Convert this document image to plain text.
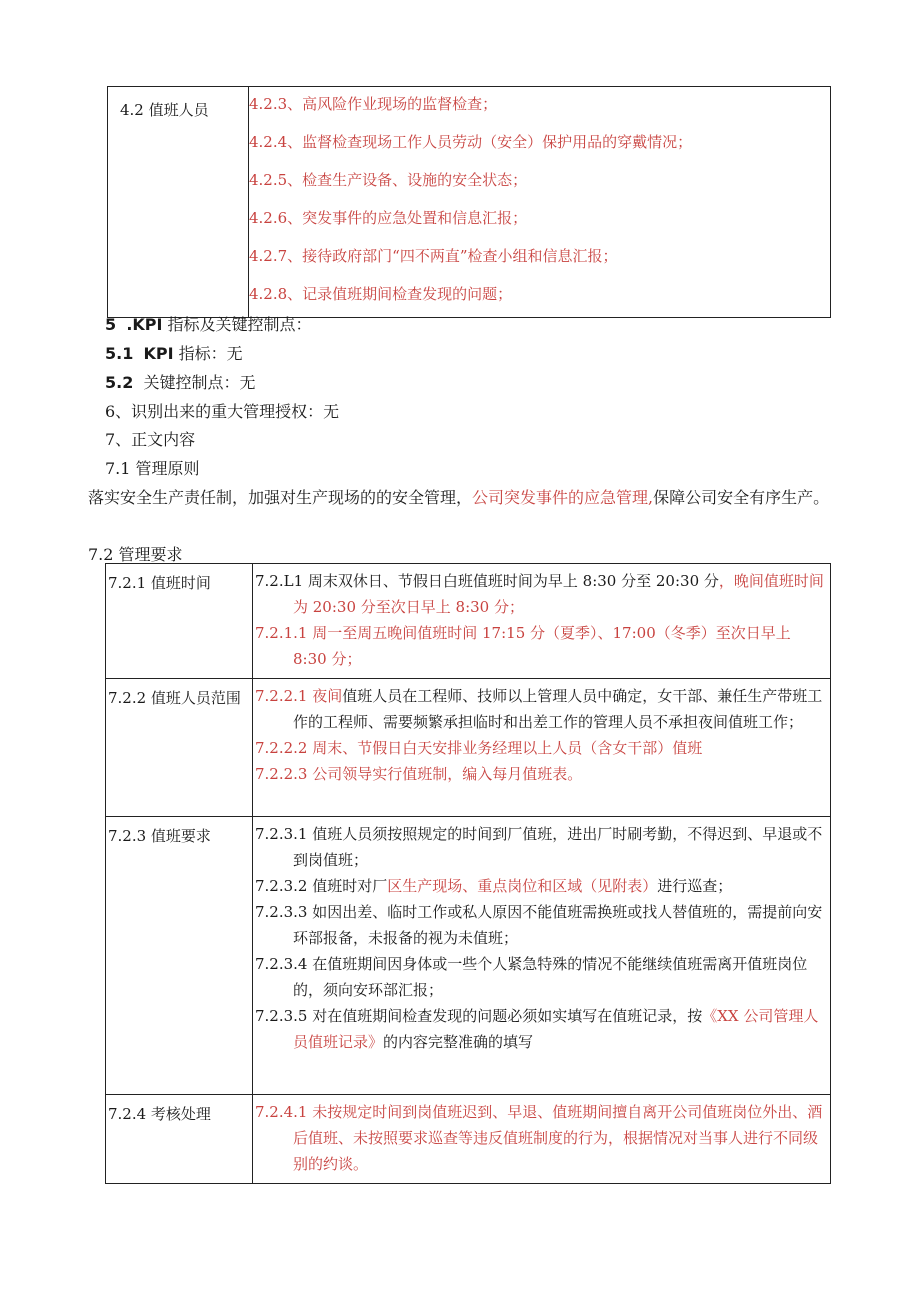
4.2 值班人员	4.2.3、高风险作业现场的监督检查；
4.2.4、监督检查现场工作人员劳动（安全）保护用品的穿戴情况；
4.2.5、检查生产设备、设施的安全状态；
4.2.6、突发事件的应急处置和信息汇报；
4.2.7、接待政府部门“四不两直”检查小组和信息汇报；
4.2.8、记录值班期间检查发现的问题；
5 .KPI 指标及关键控制点：
5.1 KPI 指标：无
5.2 关键控制点：无
6、识别出来的重大管理授权：无
7、正文内容
7.1 管理原则
落实安全生产责任制，加强对生产现场的的安全管理，公司突发事件的应急管理,保障公司安全有序生产。
7.2 管理要求
7.2.1 值班时间	7.2.L1 周末双休日、节假日白班值班时间为早上 8:30 分至 20:30 分，晚间值班时间为 20:30 分至次日早上 8:30 分；
7.2.1.1 周一至周五晚间值班时间 17:15 分（夏季）、17:00（冬季）至次日早上 8:30 分；

7.2.2 值班人员范围	7.2.2.1 夜间值班人员在工程师、技师以上管理人员中确定，女干部、兼任生产带班工作的工程师、需要频繁承担临时和出差工作的管理人员不承担夜间值班工作；
7.2.2.2 周末、节假日白天安排业务经理以上人员（含女干部）值班
7.2.2.3 公司领导实行值班制，编入每月值班表。

7.2.3 值班要求	7.2.3.1 值班人员须按照规定的时间到厂值班，进出厂时刷考勤，不得迟到、早退或不到岗值班；
7.2.3.2 值班时对厂区生产现场、重点岗位和区域（见附表）进行巡查；
7.2.3.3 如因出差、临时工作或私人原因不能值班需换班或找人替值班的，需提前向安环部报备，未报备的视为未值班；
7.2.3.4 在值班期间因身体或一些个人紧急特殊的情况不能继续值班需离开值班岗位的，须向安环部汇报；
7.2.3.5 对在值班期间检查发现的问题必须如实填写在值班记录，按《XX 公司管理人员值班记录》的内容完整准确的填写

7.2.4 考核处理	7.2.4.1 未按规定时间到岗值班迟到、早退、值班期间擅自离开公司值班岗位外出、酒后值班、未按照要求巡查等违反值班制度的行为，根据情况对当事人进行不同级别的约谈。
